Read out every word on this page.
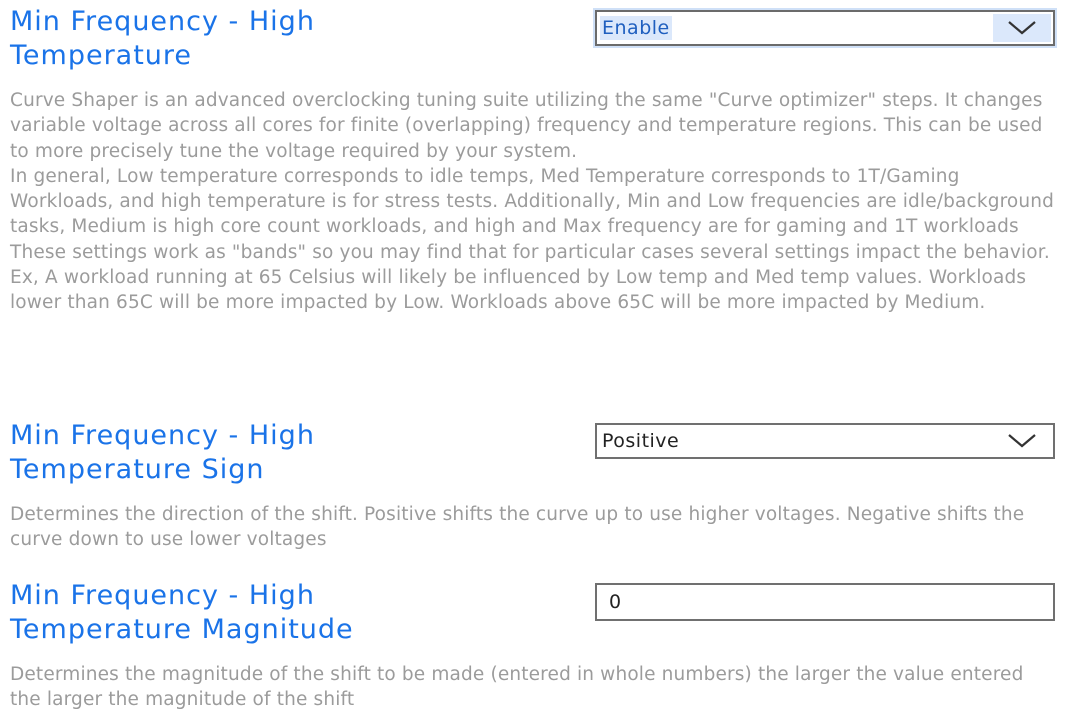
Min Frequency - High
Temperature
Enable

Curve Shaper is an advanced overclocking tuning suite utilizing the same "Curve optimizer" steps. It changes variable voltage across all cores for finite (overlapping) frequency and temperature regions. This can be used to more precisely tune the voltage required by your system.

In general, Low temperature corresponds to idle temps, Med Temperature corresponds to 1T/Gaming Workloads, and high temperature is for stress tests. Additionally, Min and Low frequencies are idle/background tasks, Medium is high core count workloads, and high and Max frequency are for gaming and 1T workloads

These settings work as "bands" so you may find that for particular cases several settings impact the behavior. Ex, A workload running at 65 Celsius will likely be influenced by Low temp and Med temp values. Workloads lower than 65C will be more impacted by Low. Workloads above 65C will be more impacted by Medium.

Min Frequency - High
Temperature Sign
Positive

Determines the direction of the shift. Positive shifts the curve up to use higher voltages. Negative shifts the curve down to use lower voltages

Min Frequency - High
Temperature Magnitude
0

Determines the magnitude of the shift to be made (entered in whole numbers) the larger the value entered the larger the magnitude of the shift
